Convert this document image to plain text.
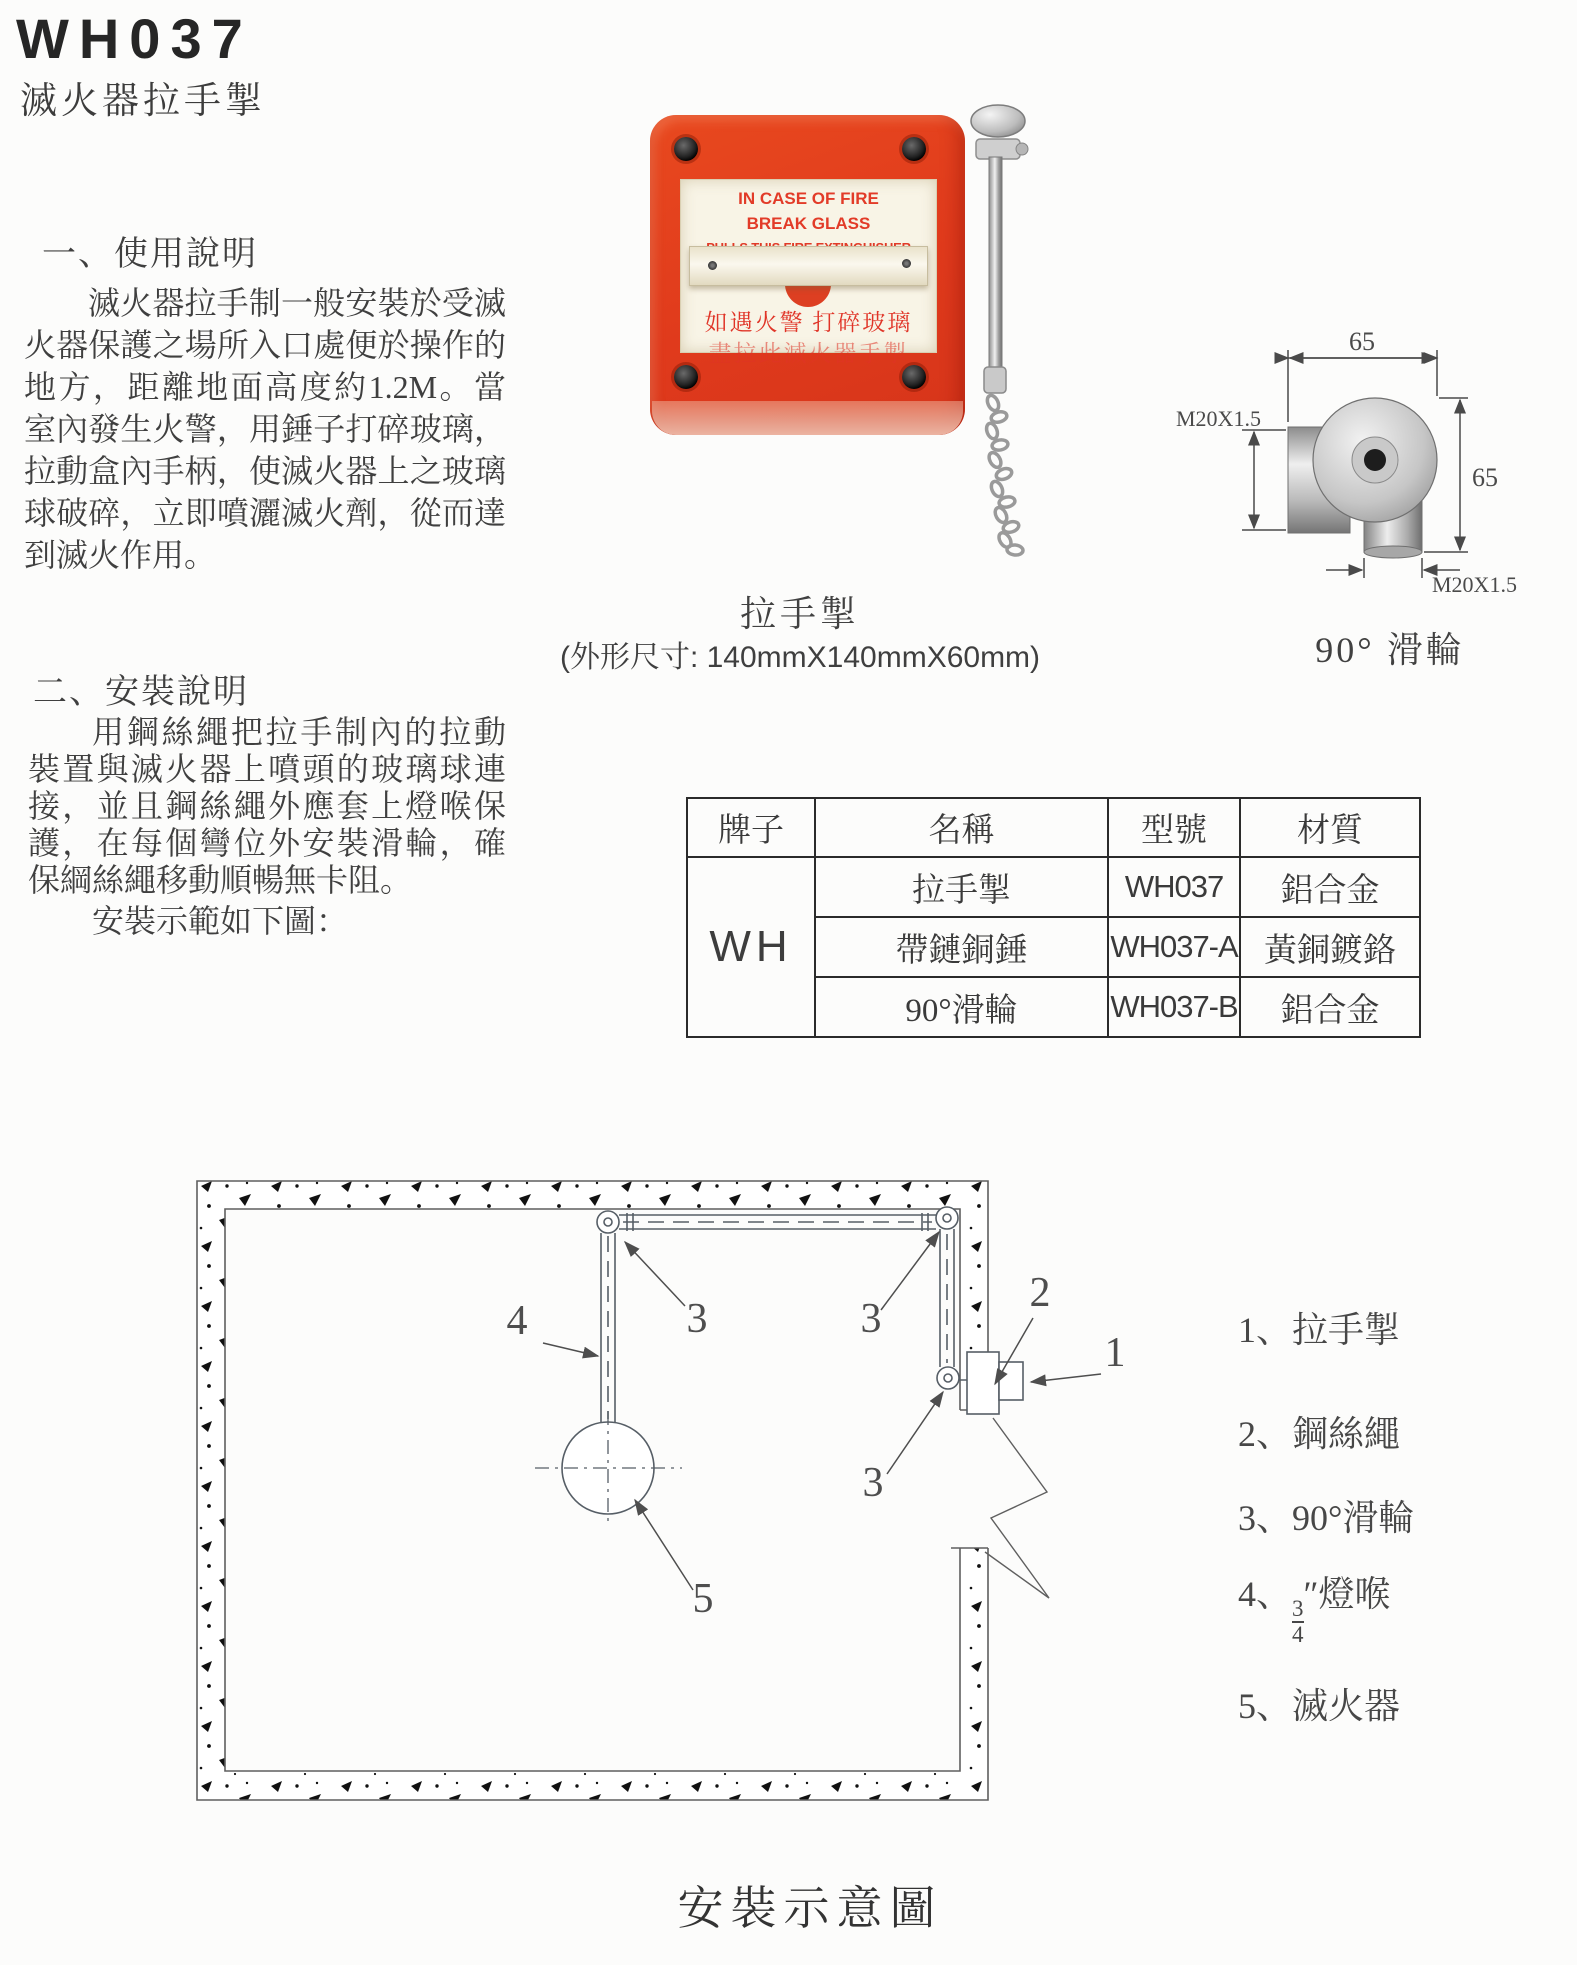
WH037
滅火器拉手掣
一、使用說明
滅火器拉手制一般安裝於受滅火器保護之場所入口處便於操作的地方，距離地面高度約1.2M。當室內發生火警，用錘子打碎玻璃，拉動盒內手柄，使滅火器上之玻璃球破碎，立即噴灑滅火劑，從而達到滅火作用。
二、安裝說明
用鋼絲繩把拉手制內的拉動裝置與滅火器上噴頭的玻璃球連接，並且鋼絲繩外應套上燈喉保護，在每個彎位外安裝滑輪，確保綱絲繩移動順暢無卡阻。
安裝示範如下圖：
IN CASE OF FIRE
BREAK GLASS
如遇火警 打碎玻璃
盡拉此滅火器手掣
拉手掣
(外形尺寸: 140mmX140mmX60mm)
65
M20X1.5
65
M20X1.5
90° 滑輪
牌子	名稱	型號	材質
WH	拉手掣	WH037	鋁合金
	帶鏈銅錘	WH037-A	黃銅鍍鉻
	90°滑輪	WH037-B	鋁合金
4	3	3
3
2
1
5
1、拉手掣
2、鋼絲繩
3、90°滑輪
4、
$\frac{3}{4}$
″燈喉
5、滅火器
安裝示意圖
